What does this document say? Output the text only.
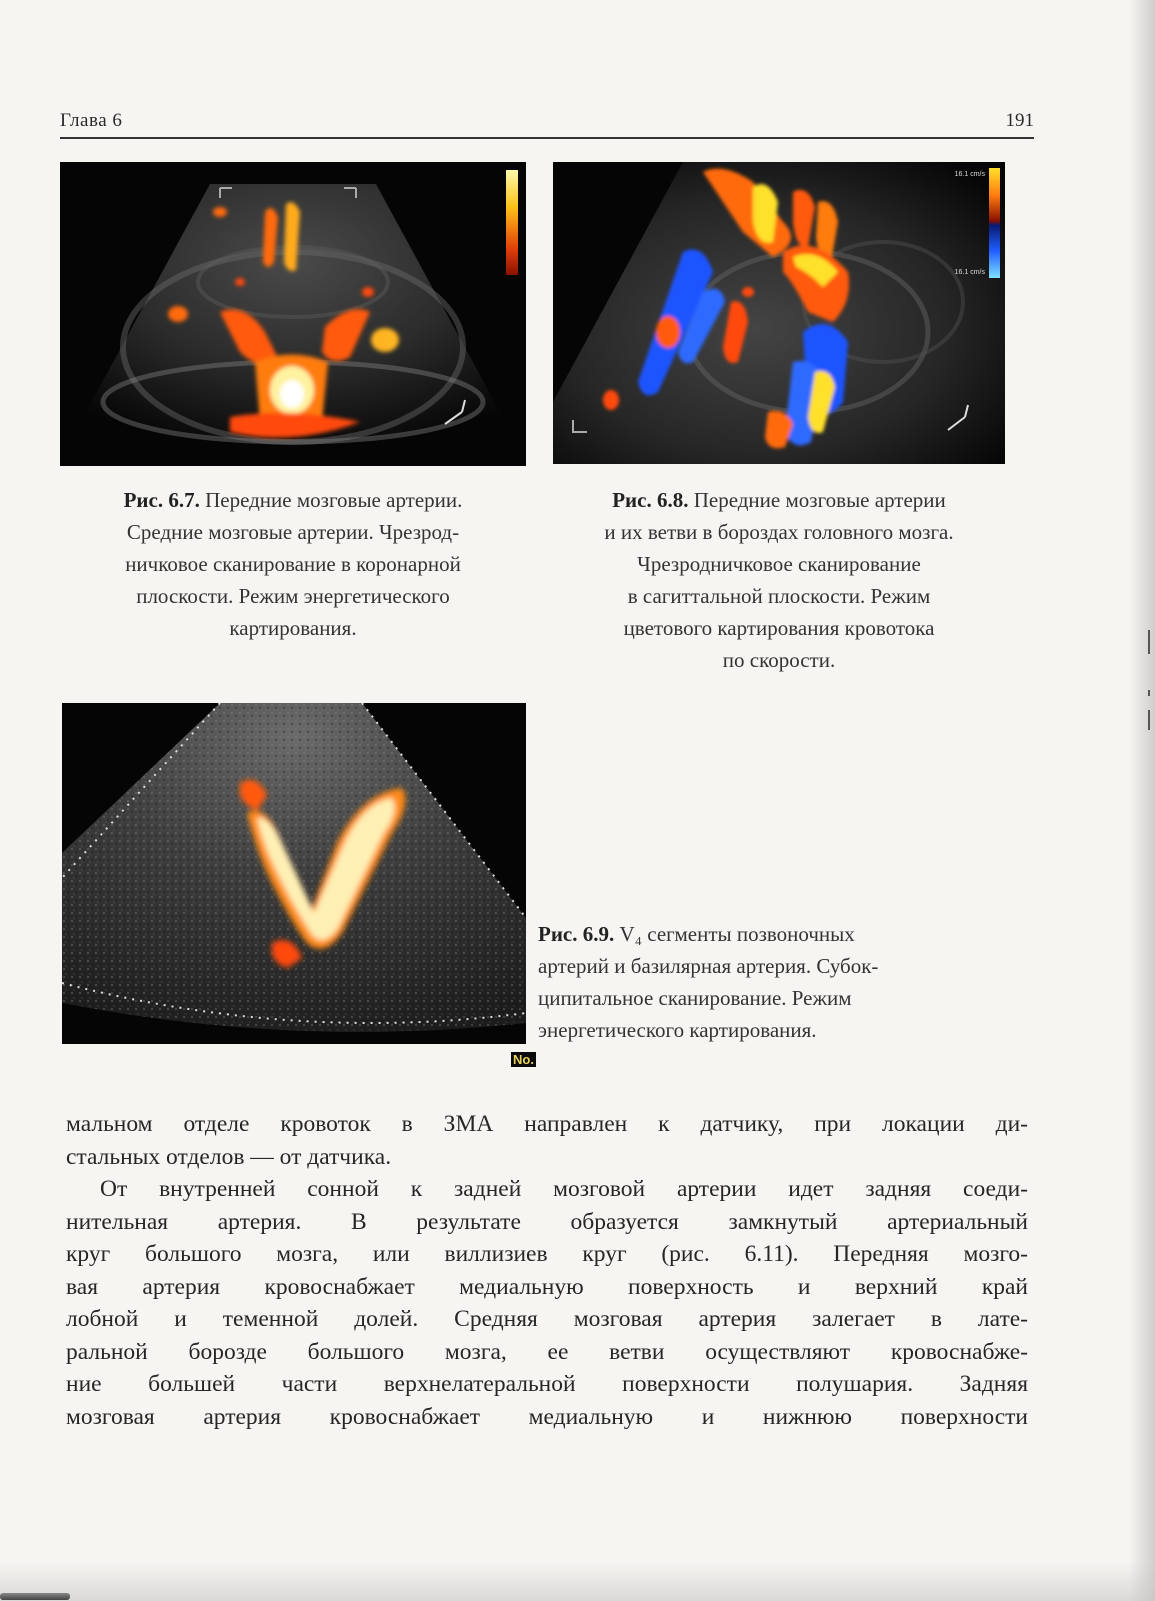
Глава 6	191
Рис. 6.7. Передние мозговые артерии.
Средние мозговые артерии. Чрезрод-
ничковое сканирование в коронарной
плоскости. Режим энергетического
картирования.
16.1 cm/s
16.1 cm/s
Рис. 6.8. Передние мозговые артерии
и их ветви в бороздах головного мозга.
Чрезродничковое сканирование
в сагиттальной плоскости. Режим
цветового картирования кровотока
по скорости.
No.
Рис. 6.9. V₄ сегменты позвоночных
артерий и базилярная артерия. Субок-
ципитальное сканирование. Режим
энергетического картирования.

мальном отделе кровоток в ЗМА направлен к датчику, при локации ди-
стальных отделов — от датчика.

От внутренней сонной к задней мозговой артерии идет задняя соеди-
нительная артерия. В результате образуется замкнутый артериальный
круг большого мозга, или виллизиев круг (рис. 6.11). Передняя мозго-
вая артерия кровоснабжает медиальную поверхность и верхний край
лобной и теменной долей. Средняя мозговая артерия залегает в лате-
ральной борозде большого мозга, ее ветви осуществляют кровоснабже-
ние большей части верхнелатеральной поверхности полушария. Задняя
мозговая артерия кровоснабжает медиальную и нижнюю поверхности
